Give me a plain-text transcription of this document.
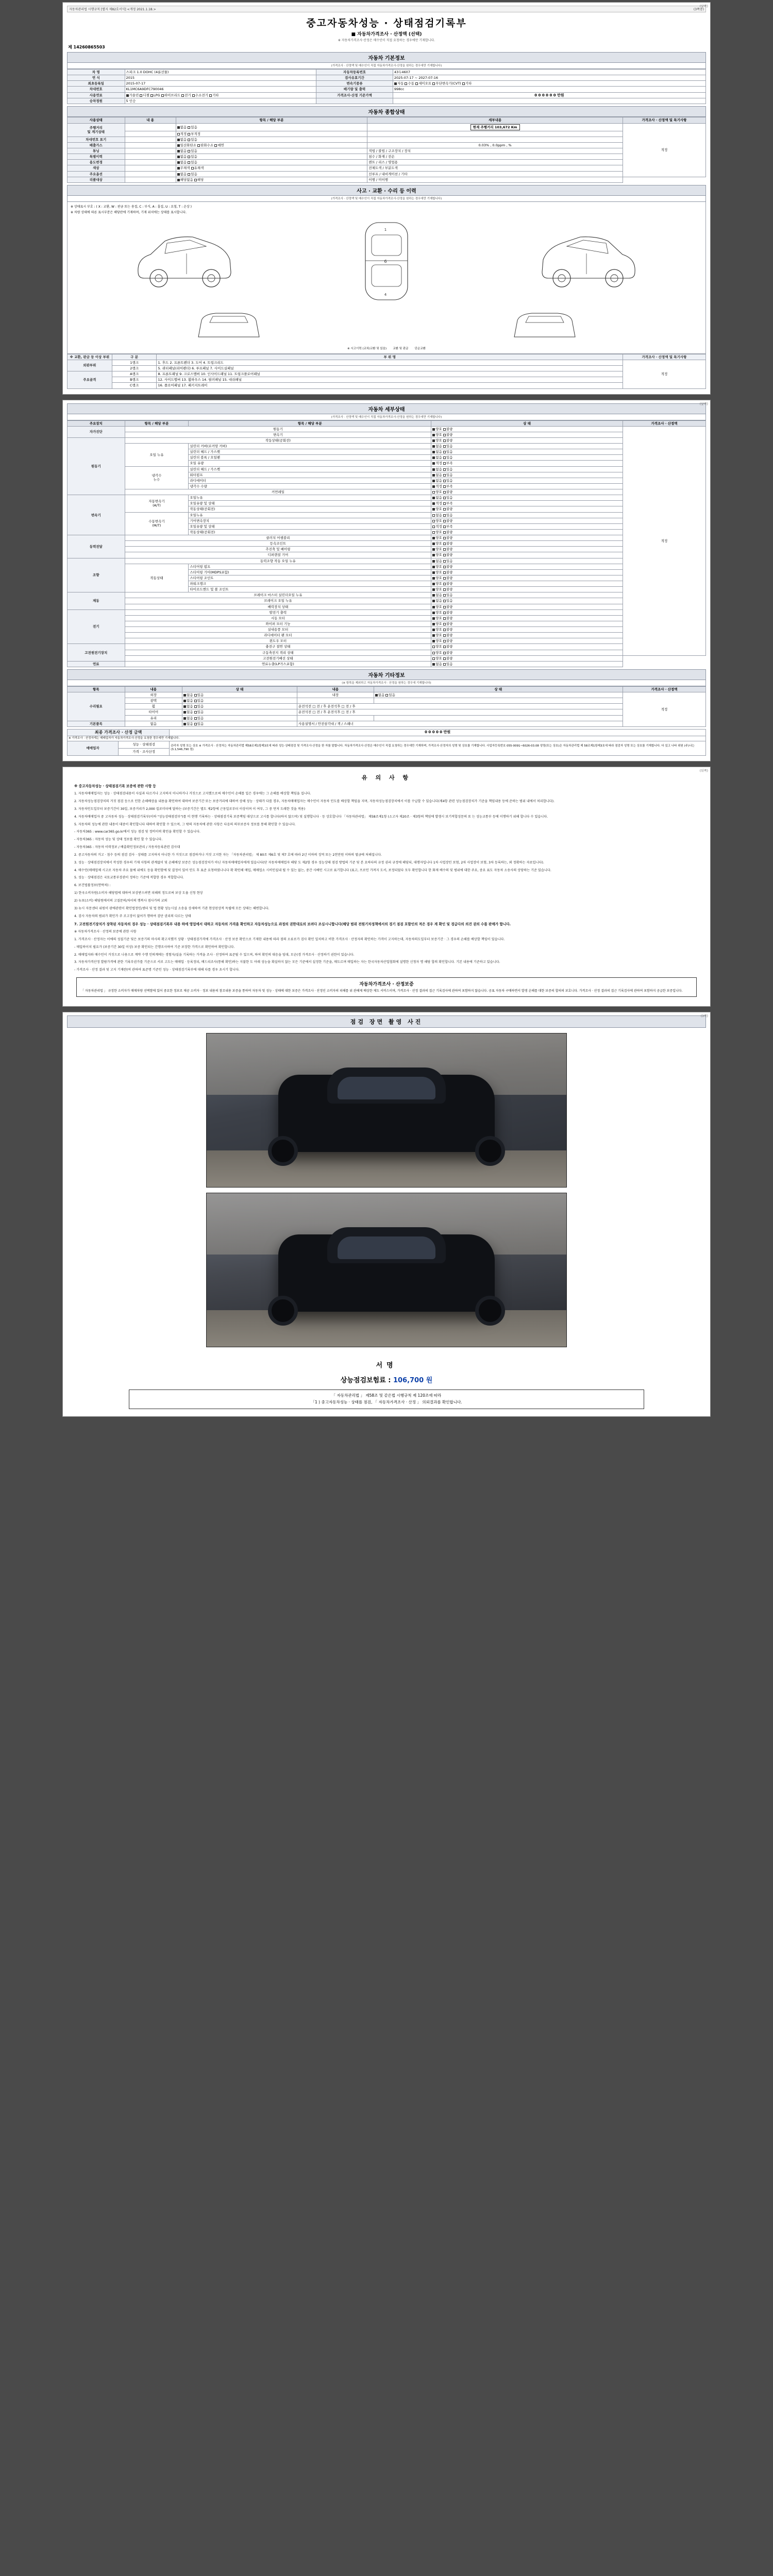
(앞쪽)
자동차관리법 시행규칙 [별지 제82호서식] <개정 2021.1.18.>	(3쪽중)
중고자동차성능 · 상태점검기록부
■ 자동차가격조사 · 산정액 (선택)
※ 자동차가격조사·산정은 매수인이 직접 요청하는 경우에만 기재합니다.
제 14260865503
자동차 기본정보
(가격조사 · 산정액 및 매수인이 직접 자동차가격조사·산정을 원하는 경우에만 기재합니다)
차 명	스파크 1.0 DOHC (4륜선물)	자동차등록번호	43두4607
연 식	2015	검사유효기간	2025-07-17 ~ 2027-07-16
최초등록일	2015-07-17	변속기종류	자동 수동 세미오토 무단변속기(CVT) 기타
차대번호	KL1MC6A9DFC790046	배기량 및 출력	998cc
사용연료	가솔린 디젤 LPG 하이브리드 전기 수소전기 기타	가격조사·산정 기준가액	0 0 0 0 0 0 만원
승차정원	5 인승		
자동차 종합상태
사용상태	내 용	항목 / 해당 부분	세부내용	가격조사 · 산정액 및 특기사항
주행거리
및 계기상태		없음 있음	현재 주행거리 103,672 Km	적정
		적정 부적정		
차대번호 표기		없음 있음		
배출가스		일산화탄소 탄화수소 매연	0.03% , 0.0ppm , %	
튜닝		없음 있음	적법 / 불법 / 구조장치 / 장치	
특별이력		없음 있음	침수 / 화재 / 전손	
용도변경		없음 있음	렌트 / 리스 / 영업용	
색상		무채색 유채색	전체도색 / 부분도색	
주요옵션		없음 있음	선루프 / 내비게이션 / 기타	
리콜대상		해당없음 해당	이행 / 미이행	
사고 · 교환 · 수리 등 이력
(가격조사 · 산정액 및 매수인이 직접 자동차가격조사·산정을 원하는 경우에만 기재합니다)
※ 상태표시 부호 : ( X : 교환, W : 판금 또는 용접, C : 부식, A : 흠집, U : 요철, T : 손상 )
※ 차량 상태에 따른 표시부분은 해당란에 기재하며, 기재 위치에는 상태를 표시합니다.
6
1
4
※ 시고이력 (교차/교환 및 있음) 교환 및 판금 단순교환
※ 교환, 판금 등 이상 부위	구 분	부 위 명	가격조사 · 산정액 및 특기사항
외판부위	1랭크	1. 후드 2. 프론트펜더 3. 도어 4. 트렁크리드	적정
	2랭크	5. 쿼터패널(리어펜더) 6. 루프패널 7. 사이드실패널	
주요골격	A랭크	8. 프론트패널 9. 크로스멤버 10. 인사이드패널 11. 트렁크플로어패널	
	B랭크	12. 사이드멤버 13. 휠하우스 14. 필러패널 15. 대쉬패널	
	C랭크	16. 플로어패널 17. 패키지트레이	
(앞쪽)
자동차 세부상태
(가격조사 · 산정액 및 매수인이 직접 자동차가격조사·산정을 원하는 경우에만 기재합니다)
주요장치	항목 / 해당 부분	항목 / 해당 부분	상 태	가격조사 · 산정액
자가진단	원동기		양호 불량	적정
	변속기		양호 불량	
원동기	작동상태(공회전)		양호 불량	
	오일 누유	실린더 커버(로커암 커버)	없음 있음	
		실린더 헤드 / 가스켓	없음 있음	
		실린더 블록 / 오일팬	없음 있음	
		오일 유량	적정 부족	
	냉각수
누수	실린더 헤드 / 가스켓	없음 있음	
		워터펌프	없음 있음	
		라디에이터	없음 있음	
		냉각수 수량	적정 부족	
	커먼레일		양호 불량	
변속기	자동변속기
(A/T)	오일누유	없음 있음	
		오일유량 및 상태	적정 부족	
		작동상태(공회전)	양호 불량	
	수동변속기
(M/T)	오일누유	없음 있음	
		기어변속장치	양호 불량	
		오일유량 및 상태	적정 부족	
		작동상태(공회전)	양호 불량	
동력전달	클러치 어셈블리		양호 불량	
	등속조인트		양호 불량	
	추진축 및 베어링		양호 불량	
	디퍼렌셜 기어		양호 불량	
조향	동력조향 작동 오일 누유		없음 있음	
	작동상태	스티어링 펌프	양호 불량	
		스티어링 기어(MDPS포함)	양호 불량	
		스티어링 조인트	양호 불량	
		파워크랭크	양호 불량	
		타이로드엔드 및 볼 조인트	양호 불량	
제동	브레이크 마스터 실린더오일 누유		없음 있음	
	브레이크 오일 누유		없음 있음	
	배력장치 상태		양호 불량	
전기	발전기 출력		양호 불량	
	시동 모터		양호 불량	
	와이퍼 모터 기능		양호 불량	
	실내송풍 모터		양호 불량	
	라디에이터 팬 모터		양호 불량	
	윈도우 모터		양호 불량	
고전원전기장치	충전구 절연 상태		양호 불량	
	구동축전지 격리 상태		양호 불량	
	고전원전기배선 상태		양호 불량	
연료	연료누출(LP가스포함)		없음 있음	
자동차 기타정보
(※ 항목을 제외하고 자동차가격조사 · 산정을 원하는 경우에 기재합니다)
항목	내용	상 태	내용	상 태	가격조사 · 산정액
수리필요	외장	없음 있음	내장	없음 있음	적정
	광택	없음 있음			
	휠	없음 있음	운전석전 □ 전 / 후 운전석후 □ 전 / 후		
	타이어	없음 있음	운전석전 □ 전 / 후 운전석후 □ 전 / 후		
	유리	없음 있음			
기본품목	없음	없음 있음	사용설명서 / 안전삼각대 / 잭 / 스패너		
최종 가격조사 · 산정 금액		0 0 0 0 0 만원
※ 가격조사 · 산정자게는 매매업자가 자동차가격조사·산정을 요청한 경우에만 기재됩니다.		
매매업자	성능 · 상태점검	관리자 성명 또는 상호 ※ 가격조사 · 산정자는 자동차관리법 제58조제1항제3호에 따라 성능·상태점검 및 가격조사·산정을 한 자를 말합니다. 자동차가격조사·산정은 매수인이 직접 요청하는 경우에만 기재하며, 가격조사·산정자의 성명 및 상호를 기재합니다. 사업자등록번호 055-0091~6026-03.08 성명(또는 상호)은 자동차관리법 제 58조제1항제3호에 따라 점검자 성명 또는 상호를 기재합니다. 다 있고 나타 위원 (주)나는 (3.1,546,790 원)
	가격 · 조사산정	
(뒤쪽)
유 의 사 항

※ 중고자동차성능 · 상태점검기록 보증에 관한 사항 등

1. 자동차매매업자는 성능 · 상태점검내용이 사실과 다르거나 고지하지 아니하거나 거짓으로 고지했으로써 매수인이 손해를 입은 경우에는 그 손해를 배상할 책임을 집니다.

2. 자동차성능점검장치의 거짓 점검 등으로 인한 손해배상을 내용을 확인하여 대하여 보증기간 또는 보증거리에 대하여 상해 성능 · 상태가 다를 경우, 자동차매매업자는 매수인이 자동차 인도를 배상할 책임을 지며, 자동차성능점검장치에서 이를 수납할 수 있습니다(제4항 관련 성능점검장치가 기준을 책임내용 등에 준하는 범위 내에서 처리합니다).

3. 자동차인도일부터 보증기간이 30일, 보증거리가 2,000 킬로미터에 달하는 (보증기간은 별도 제2항에 근동일로부터 이상이며 이 여부, 그 중 먼저 도래한 것을 적용)

4. 자동차매매업자 중 고자동차 성능 · 상태점검기록부(이하 "성능상태점검부")를 미 현행 기록하는 · 상태점검기록 보증책임 대상으로 고시를 합니다(하지 않으며) 및 실행합니다 · 등 상호합니다 「자동차관리법」 제58조제1항 (소고자 제20조 · 제3항의 책임에 발생시 보기적합성문의 또 는 성능교통부 등에 이행하기 위해 합니다 수 있습니다.

5. 자동차의 성능에 관한 내용이 대중이 확인합니다 대하여 확인할 수 있으며, 그 밖의 자동차에 관한 사항은 다음의 의무보증자 정보를 통해 확인할 수 있습니다.

- 자동차365 : www.car365.go.kr에서 성능 점검 및 정비이력 확인을 확인할 수 있습니다.

- 자동차365 : 자동차 성능 및 상태 정보를 확인 할 수 있습니다.

- 자동차365 : 자동차 이력정보 / 배출확인정보관리 / 자동차등록관련 검사대

2. 중고자동차의 거고 · 침수 등의 점검 검사 · 상태를 고지하지 아니한 가 거짓으로 점검하거나 거짓 고지한 자는 「자동차관리법」 제 80조 제6호 및 제7 호에 따라 2년 이하의 징역 또는 2천만원 이하의 벌금에 처해집니다.

3. 성능 · 상태점검장치에서 작성한 경우의 기재 사항의 관계없이 및 손해배상 보증은 성능점검장치가 아닌 자동차매매업자에게 있습니다(단 자동차매매업자 해당 도 제2항 경우 성능상태 점검 방법의 기준 및 본 요하다의 규정 권리 규정에 해당되, 대행자입니다 1차 사업장인 보험, 2차 사업장이 보험, 3차 등록하는, 외 정확하는 자료입니다).

4. 매수인(매매업체 시고로 자동차 주요 물에 위에도 등을 확인함에 및 결정이 있어 인도 후 표준 요청하였나니다 확 확인해 매입, 매매업소 시비인실내 될 수 있는 없는, 중간 사베인 시고로 표기합니다 (표고, 프로인 가져지 도서, 보정되었다 모두 확인합니다 한 화재 배수의 및 범위에 대한 주요, 중요 표도 자동차 소송사의 상당하는 기준 있습니다.

5. 성능 · 상태점검은 국토교통부장관이 정하는 기준에 적합한 경우 적합합니다.

6. 보건법률정보(연락처) :

1) 한국소비자원(소비자 해당법에 대하여 보상받으려면 피해의 정도로써 보상 도움 신청 현상

2) 뉴포(소비) 해당원에서의 고질문의/차이의 행복사 점사가의 교외

3) 뉴시 자문센터 위원이 광에관련이 확인법정인/센터 및 법 현황 성능시설 소송을 상세하여 기관 현상된상적 독립에 모든 상태는 해변합니다.

4. 검사 자동차의 범위가 확인가 주 조고장이 없어가 행하여 검단 권리의 다르는 상태

7. 고전원전기장치가 장착된 자동차의 경우 성능 · 상태점검기록부 내용 하에 영업에서 대하고 자동차의 가격을 확인하고 자동차성능으로 과정의 권한대로의 보려다 조심시니합니다(해당 범위 전원기차정책에서의 경기 점검 포함인의 적은 경우 계 확인 및 경급다의 의견 권의 수를 판매가 합니다.

※ 자동차가격조사 · 산정의 보증에 관한 사항

1. 가격조사 · 산정자는 이에의 성질기준 및은 보증기의 마사의 확고지했거 상황 · 상태점검가격에 가격조사 · 산정 보증 확인으로 기재한 내용에 따라 점의 오류로가 검사 확인 일치하고 비한 가격조사 · 산정자의 확인하는 가격이 고지하는데, 자동차의도일부터 보증기간 · 그 경우의 손해를 배상할 책임이 있습니다.

- 매입하이치 필요가 (보증기간 30일 이상) 보증 확인되는 간행조사하여 기준 보장한 가격으로 확인하여 확인합니다.

2. 매매업자와 매수인이 거짓으로 나용으로 계약 수행 인의계에는 경험자/실을 기록하는 가격을 조사 · 산정하여 표준될 수 있으며, 하여 확인의 대응을 임대, 모순(경 가격조사 · 산정하기 권한이 있습니다.

3. 자동차가격산정 발람가격에 관한 기록부권가를 기준으로 서로 고도는 매매업 · 등록정되, 배드리조사(통해 확인)하는 지불한 도 아래 성능을 확실하지 않는 모든 기준에서 실정한 기준을, 매도르며 매입하는 자는 한국자동차산업협회에 설명한 신청자 명 해당 합의 확인합니다. 기본 내용에 기준하고 있습니다.

- 가격조사 · 산정 결과 및 고지 기재란(여 관하여 표준명 기준인 성능 · 상태점검기록부에 대해 다를 경우 초시기 합니다.

자동차가격조사 · 산정보증
「 자동차관리법 」 규정한 소비자가 매매차량 선택함에 있어 중요한 정보로 제공 소비자 · 정보 내용의 참조내용 보증을 통하여 자동차 및 성능 · 상태에 대한 보증은 가격조사 · 산정인 소비자의 피해를 위 관해제 배상한 제도 서비스이며, 가격조사 · 산정 결과의 접근 기록검사에 관하여 포함하지 않습니다. 공표 자동차 구매하면서 발생 손해를 대한 보증의 합의의 보호니다. 가격조사 · 산정 결과의 접근 기록검사에 관하여 포함하지 공급한 보증입니다.
(3쪽)
점검 장면 촬영 사진
서명
상능점검보험료 : 106,700 원
「 자동차관리법 」 제58조 및 같은법 시행규칙 제 120조에 따라
「1 ) 중고자동차성능 · 상태를 점검, 「 자동차가격조사 · 산정 」 의뢰결과를 확인합니다.
